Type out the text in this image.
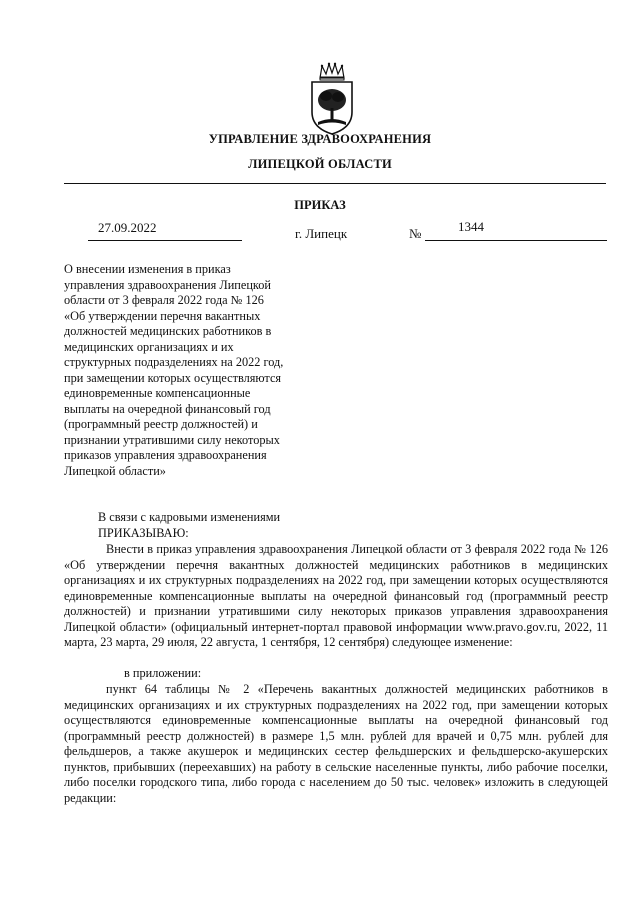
УПРАВЛЕНИЕ ЗДРАВООХРАНЕНИЯ
ЛИПЕЦКОЙ ОБЛАСТИ
ПРИКАЗ
27.09.2022	г. Липецк	№	1344
О внесении изменения в приказ
управления здравоохранения Липецкой
области от 3 февраля 2022 года № 126
«Об утверждении перечня вакантных
должностей медицинских работников в
медицинских организациях и их
структурных подразделениях на 2022 год,
при замещении которых осуществляются
единовременные компенсационные
выплаты на очередной финансовый год
(программный реестр должностей) и
признании утратившими силу некоторых
приказов управления здравоохранения
Липецкой области»
В связи с кадровыми изменениями
ПРИКАЗЫВАЮ:
Внести в приказ управления здравоохранения Липецкой области от 3 февраля 2022 года № 126 «Об утверждении перечня вакантных должностей медицинских работников в медицинских организациях и их структурных подразделениях на 2022 год, при замещении которых осуществляются единовременные компенсационные выплаты на очередной финансовый год (программный реестр должностей) и признании утратившими силу некоторых приказов управления здравоохранения Липецкой области» (официальный интернет-портал правовой информации www.pravo.gov.ru, 2022, 11 марта, 23 марта, 29 июля, 22 августа, 1 сентября, 12 сентября) следующее изменение:
в приложении:
пункт 64 таблицы № 2 «Перечень вакантных должностей медицинских работников в медицинских организациях и их структурных подразделениях на 2022 год, при замещении которых осуществляются единовременные компенсационные выплаты на очередной финансовый год (программный реестр должностей) в размере 1,5 млн. рублей для врачей и 0,75 млн. рублей для фельдшеров, а также акушерок и медицинских сестер фельдшерских и фельдшерско-акушерских пунктов, прибывших (переехавших) на работу в сельские населенные пункты, либо рабочие поселки, либо поселки городского типа, либо города с населением до 50 тыс. человек» изложить в следующей редакции:
